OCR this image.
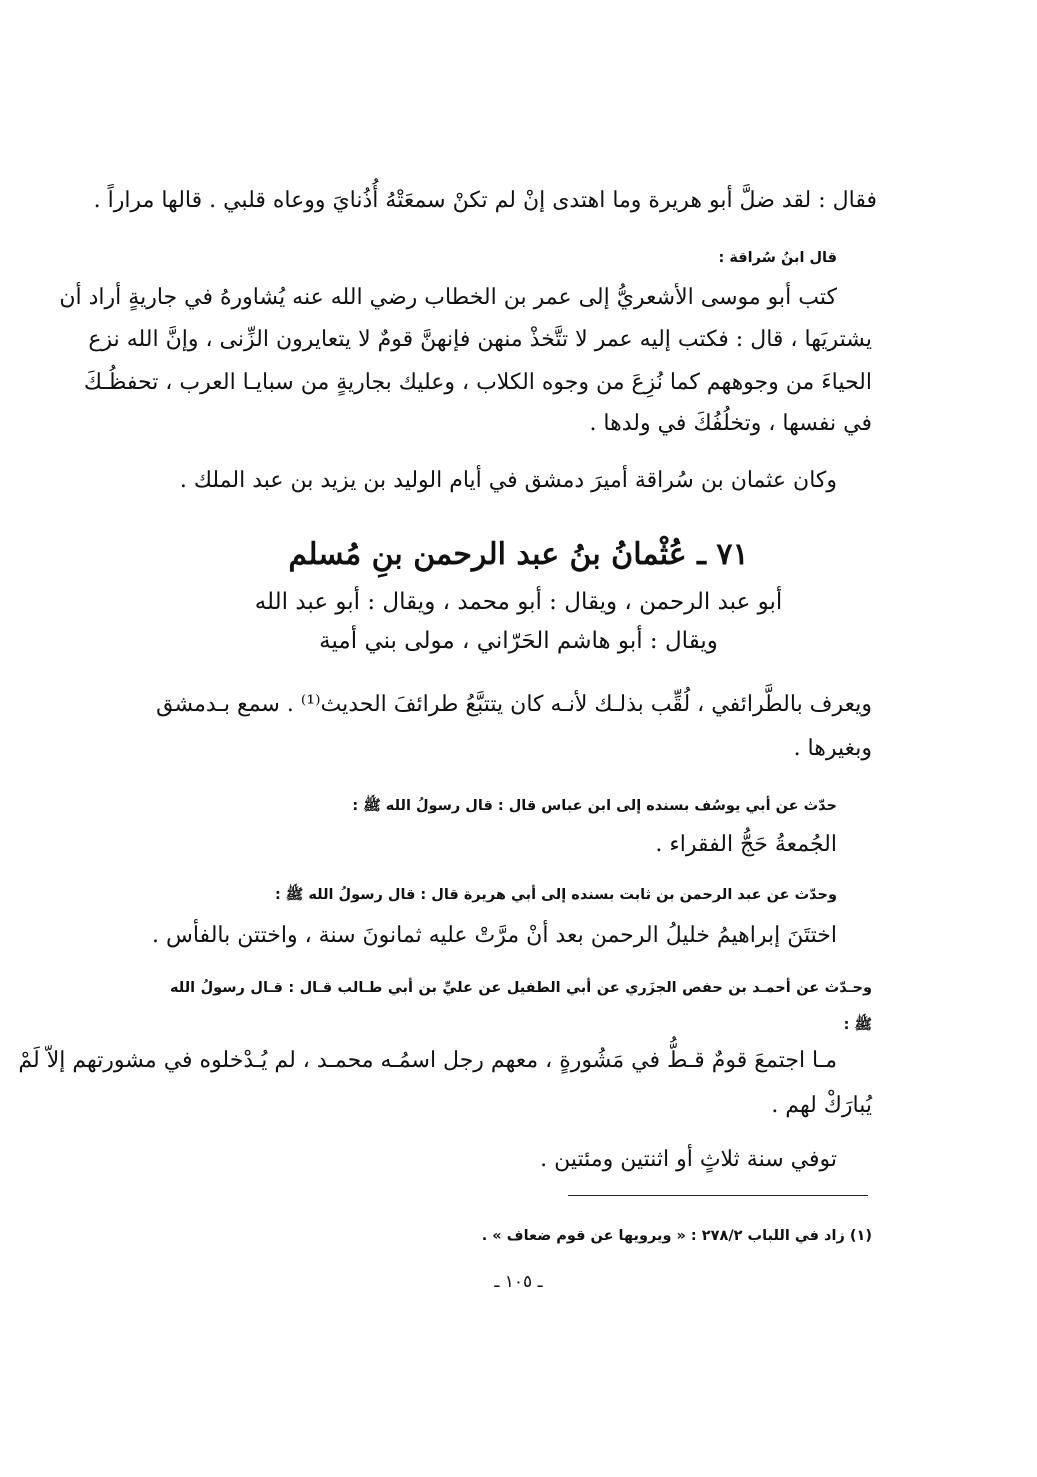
فقال : لقد ضلَّ أبو هريرة وما اهتدى إنْ لم تكنْ سمعَتْهُ أُذُنايَ ووعاه قلبي . قالها مراراً .
قال ابنُ سُراقة :
كتب أبو موسى الأشعريُّ إلى عمر بن الخطاب رضي الله عنه يُشاورهُ في جاريةٍ أراد أن
يشتريَها ، قال : فكتب إليه عمر لا تتَّخذْ منهن فإنهنَّ قومٌ لا يتعايرون الزِّنى ، وإنَّ الله نزع
الحياءَ من وجوههم كما نُزِعَ من وجوه الكلاب ، وعليك بجاريةٍ من سبايـا العرب ، تحفظُـكَ
في نفسها ، وتخلُفُكَ في ولدها .
وكان عثمان بن سُراقة أميرَ دمشق في أيام الوليد بن يزيد بن عبد الملك .
٧١ ـ عُثْمانُ بنُ عبد الرحمن بنِ مُسلم
أبو عبد الرحمن ، ويقال : أبو محمد ، ويقال : أبو عبد الله
ويقال : أبو هاشم الحَرّاني ، مولى بني أمية
ويعرف بالطَّرائفي ، لُقِّب بذلـك لأنـه كان يتتبَّعُ طرائفَ الحديث⁽¹⁾ . سمع بـدمشق
وبغيرها .
حدّث عن أبي يوسُف بسنده إلى ابن عباس قال : قال رسولُ الله ﷺ :
الجُمعةُ حَجُّ الفقراء .
وحدّث عن عبد الرحمن بن ثابت بسنده إلى أبي هريرة قال : قال رسولُ الله ﷺ :
اختتَنَ إبراهيمُ خليلُ الرحمن بعد أنْ مرَّتْ عليه ثمانونَ سنة ، واختتن بالفأس .
وحـدّث عن أحمـد بن حفص الجزَري عن أبي الطفيل عن عليِّ بن أبي طـالب قـال : قـال رسولُ الله
ﷺ :
مـا اجتمعَ قومٌ قـطُّ في مَشُورةٍ ، معهم رجل اسمُـه محمـد ، لم يُـدْخلوه في مشورتهم إلاّ لَمْ
يُبارَكْ لهم .
توفي سنة ثلاثٍ أو اثنتين ومئتين .
(١) زاد في اللباب ٢٧٨/٢ : « ويرويها عن قوم ضعاف » .
ـ ١٠٥ ـ
